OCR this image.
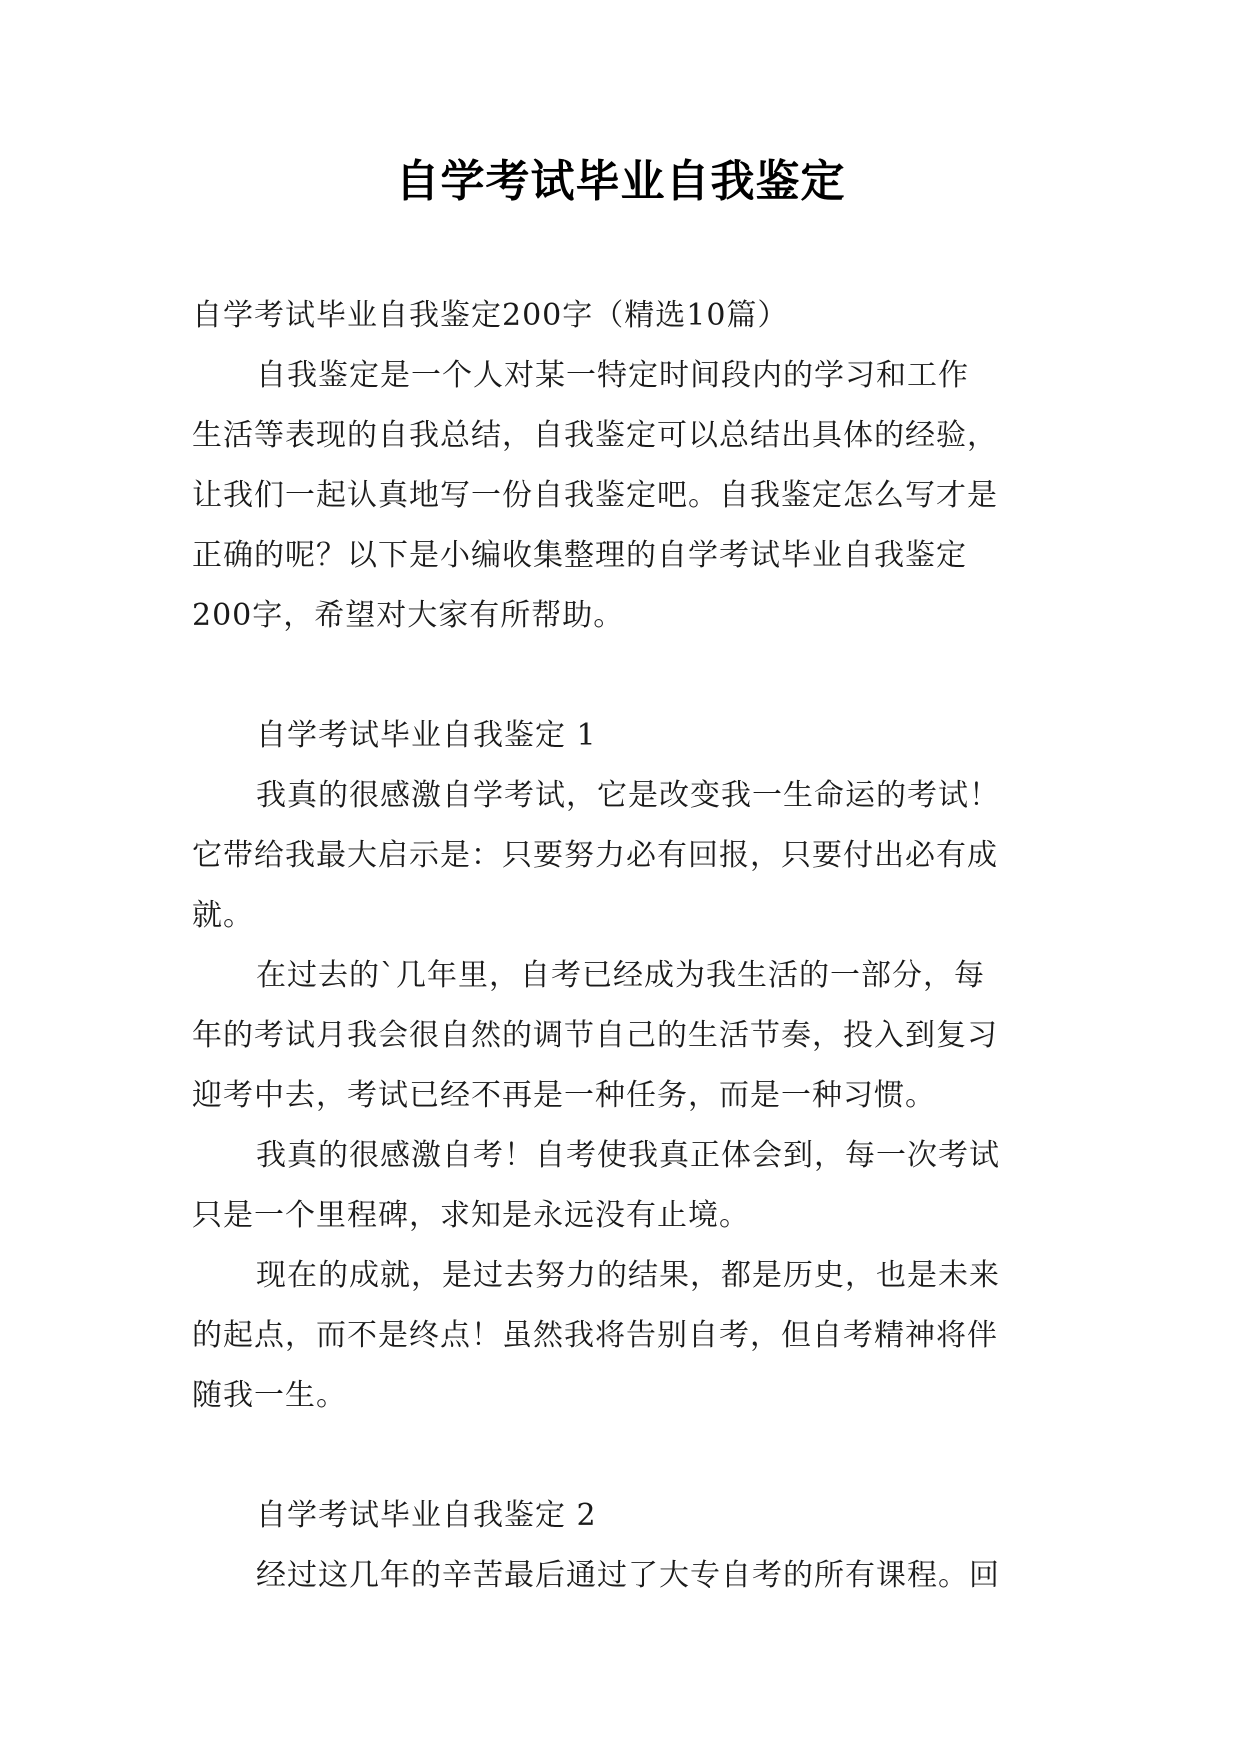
自学考试毕业自我鉴定
自学考试毕业自我鉴定200字（精选10篇）
自我鉴定是一个人对某一特定时间段内的学习和工作
生活等表现的自我总结，自我鉴定可以总结出具体的经验，
让我们一起认真地写一份自我鉴定吧。自我鉴定怎么写才是
正确的呢？以下是小编收集整理的自学考试毕业自我鉴定
200字，希望对大家有所帮助。
自学考试毕业自我鉴定 1
我真的很感激自学考试，它是改变我一生命运的考试！
它带给我最大启示是：只要努力必有回报，只要付出必有成
就。
在过去的`几年里，自考已经成为我生活的一部分，每
年的考试月我会很自然的调节自己的生活节奏，投入到复习
迎考中去，考试已经不再是一种任务，而是一种习惯。
我真的很感激自考！自考使我真正体会到，每一次考试
只是一个里程碑，求知是永远没有止境。
现在的成就，是过去努力的结果，都是历史，也是未来
的起点，而不是终点！虽然我将告别自考，但自考精神将伴
随我一生。
自学考试毕业自我鉴定 2
经过这几年的辛苦最后通过了大专自考的所有课程。回
